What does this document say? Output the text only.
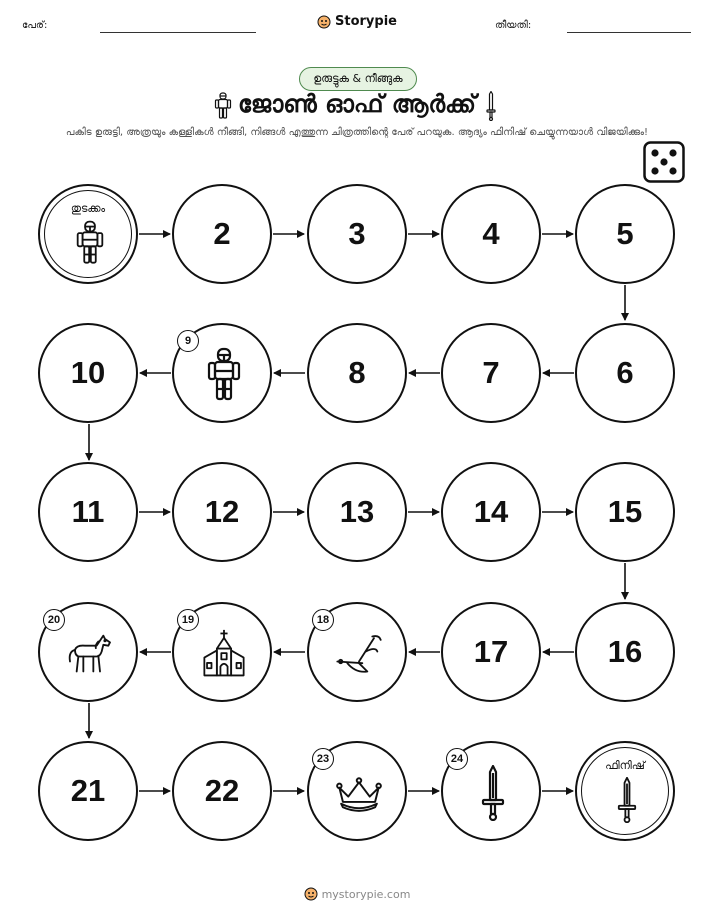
പേര്:	Storypie	തീയതി:
ഉരുട്ടുക & നീങ്ങുക
ജോൺ ഓഫ് ആർക്ക്
പകിട ഉരുട്ടി, അത്രയും കള്ളികൾ നീങ്ങി, നിങ്ങൾ എത്തുന്ന ചിത്രത്തിന്റെ പേര് പറയുക. ആദ്യം ഫിനിഷ് ചെയ്യുന്നയാൾ വിജയിക്കും!
തുടക്കം
2	3	4	5
6
7
8
9
10
11	12	13	14	15
16
17
18
19
20
21	22
23	24	ഫിനിഷ്
mystorypie.com
